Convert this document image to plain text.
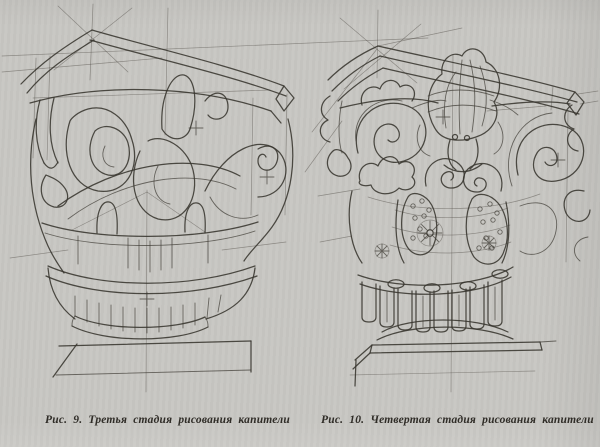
Рис. 9. Третья стадия рисования капители	Рис. 10. Четвертая стадия рисования капители
